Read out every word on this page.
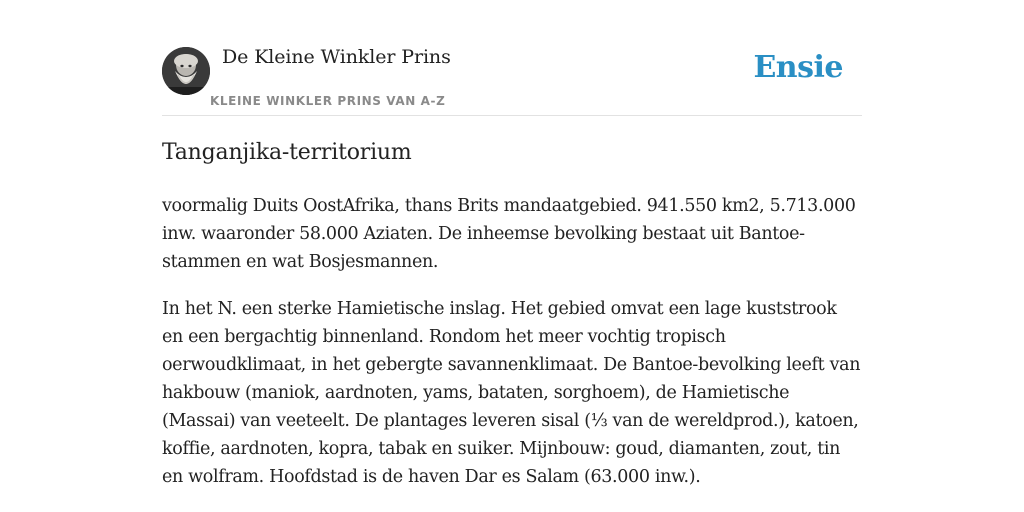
De Kleine Winkler Prins
KLEINE WINKLER PRINS VAN A-Z
Ensie
Tanganjika-territorium

voormalig Duits OostAfrika, thans Brits mandaatgebied. 941.550 km2, 5.713.000 inw. waaronder 58.000 Aziaten. De inheemse bevolking bestaat uit Bantoe-stammen en wat Bosjesmannen.

In het N. een sterke Hamietische inslag. Het gebied omvat een lage kuststrook en een bergachtig binnenland. Rondom het meer vochtig tropisch oerwoudklimaat, in het gebergte savannenklimaat. De Bantoe-bevolking leeft van hakbouw (maniok, aardnoten, yams, bataten, sorghoem), de Hamietische (Massai) van veeteelt. De plantages leveren sisal (⅓ van de wereldprod.), katoen, koffie, aardnoten, kopra, tabak en suiker. Mijnbouw: goud, diamanten, zout, tin en wolfram. Hoofdstad is de haven Dar es Salam (63.000 inw.).
